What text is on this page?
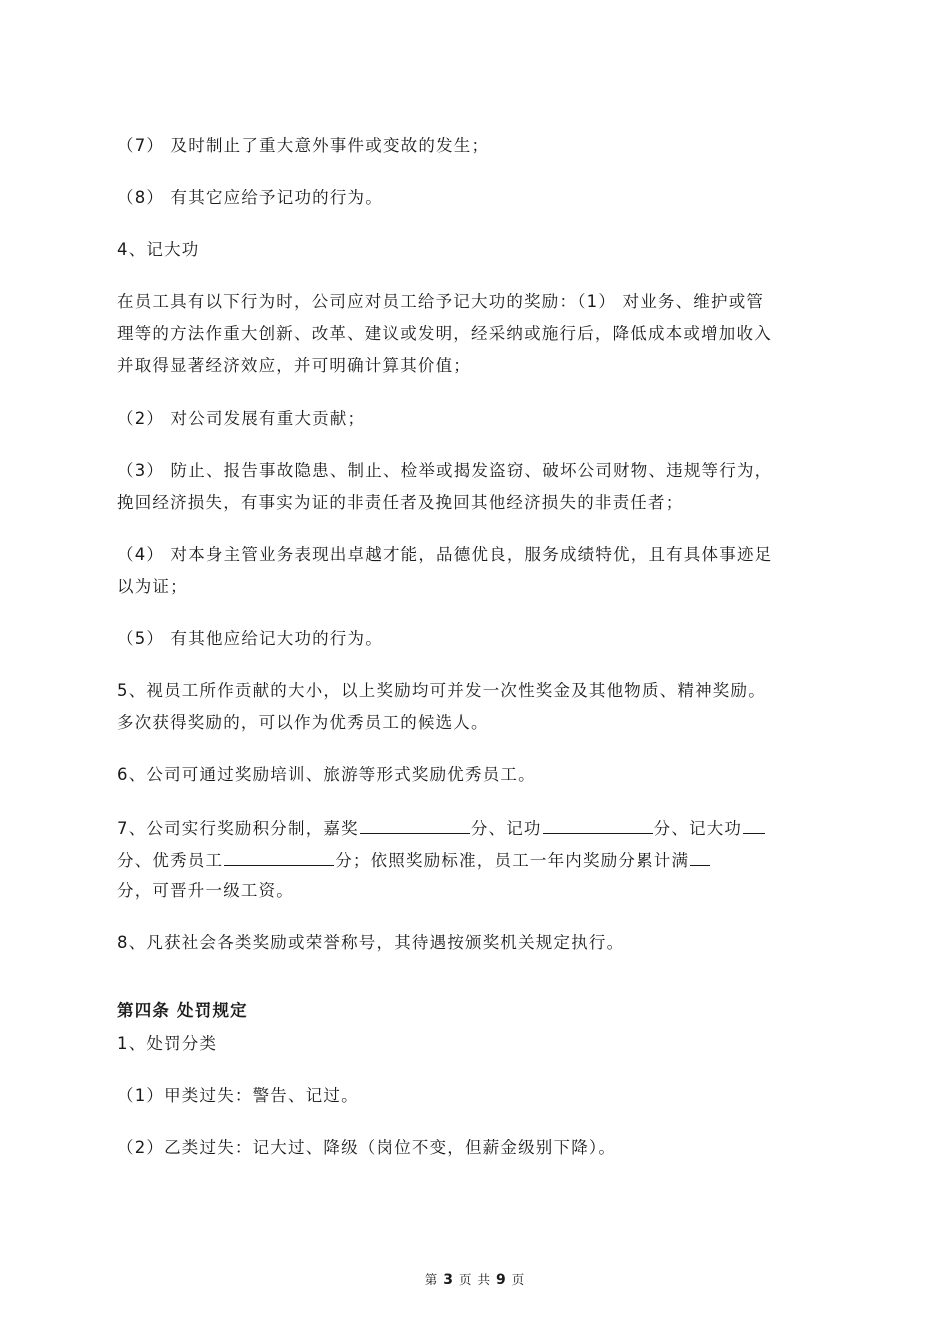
（7） 及时制止了重大意外事件或变故的发生；
（8） 有其它应给予记功的行为。
4、记大功
在员工具有以下行为时，公司应对员工给予记大功的奖励：（1） 对业务、维护或管
理等的方法作重大创新、改革、建议或发明，经采纳或施行后，降低成本或增加收入
并取得显著经济效应，并可明确计算其价值；
（2） 对公司发展有重大贡献；
（3） 防止、报告事故隐患、制止、检举或揭发盗窃、破坏公司财物、违规等行为，
挽回经济损失，有事实为证的非责任者及挽回其他经济损失的非责任者；
（4） 对本身主管业务表现出卓越才能，品德优良，服务成绩特优，且有具体事迹足
以为证；
（5） 有其他应给记大功的行为。
5、视员工所作贡献的大小，以上奖励均可并发一次性奖金及其他物质、精神奖励。
多次获得奖励的，可以作为优秀员工的候选人。
6、公司可通过奖励培训、旅游等形式奖励优秀员工。
7、公司实行奖励积分制，嘉奖	分、记功	分、记大功
分、优秀员工	分；依照奖励标准，员工一年内奖励分累计满
分，可晋升一级工资。
8、凡获社会各类奖励或荣誉称号，其待遇按颁奖机关规定执行。
第四条 处罚规定
1、处罚分类
（1）甲类过失：警告、记过。
（2）乙类过失：记大过、降级（岗位不变，但薪金级别下降）。
第 3 页 共 9 页
